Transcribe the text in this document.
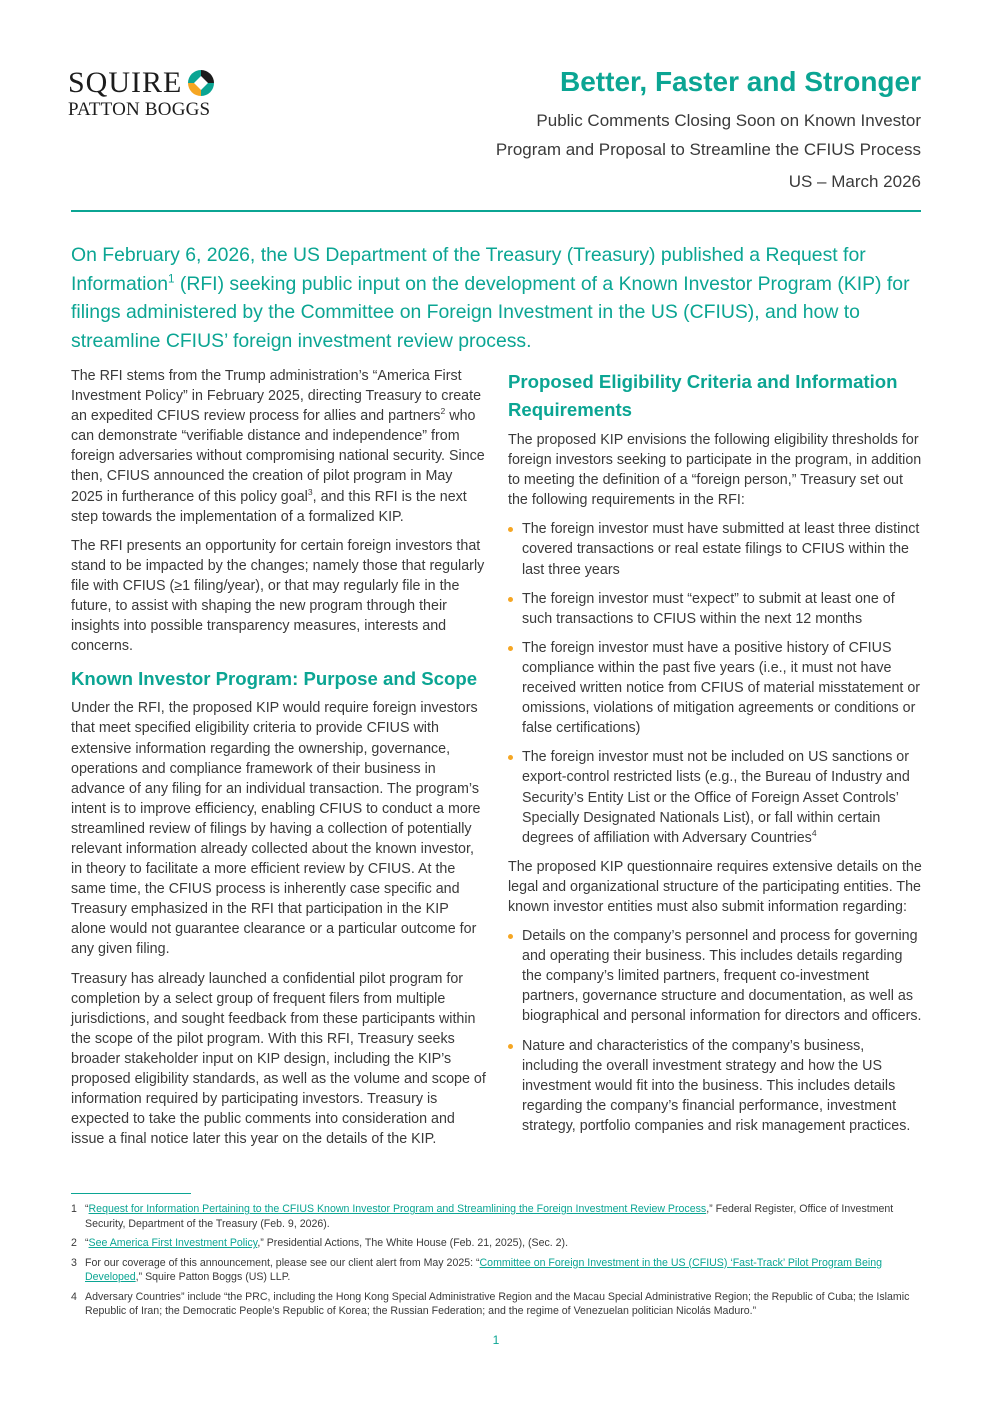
SQUIRE
PATTON BOGGS
Better, Faster and Stronger
Public Comments Closing Soon on Known Investor
Program and Proposal to Streamline the CFIUS Process
US – March 2026
On February 6, 2026, the US Department of the Treasury (Treasury) published a Request for Information$^1$ (RFI) seeking public input on the development of a Known Investor Program (KIP) for filings administered by the Committee on Foreign Investment in the US (CFIUS), and how to streamline CFIUS’ foreign investment review process.

The RFI stems from the Trump administration’s “America First Investment Policy” in February 2025, directing Treasury to create an expedited CFIUS review process for allies and partners$^2$ who can demonstrate “verifiable distance and independence” from foreign adversaries without compromising national security. Since then, CFIUS announced the creation of pilot program in May 2025 in furtherance of this policy goal$^3$, and this RFI is the next step towards the implementation of a formalized KIP.

The RFI presents an opportunity for certain foreign investors that stand to be impacted by the changes; namely those that regularly file with CFIUS (≥1 filing/year), or that may regularly file in the future, to assist with shaping the new program through their insights into possible transparency measures, interests and concerns.

Known Investor Program: Purpose and Scope

Under the RFI, the proposed KIP would require foreign investors that meet specified eligibility criteria to provide CFIUS with extensive information regarding the ownership, governance, operations and compliance framework of their business in advance of any filing for an individual transaction. The program’s intent is to improve efficiency, enabling CFIUS to conduct a more streamlined review of filings by having a collection of potentially relevant information already collected about the known investor, in theory to facilitate a more efficient review by CFIUS. At the same time, the CFIUS process is inherently case specific and Treasury emphasized in the RFI that participation in the KIP alone would not guarantee clearance or a particular outcome for any given filing.

Treasury has already launched a confidential pilot program for completion by a select group of frequent filers from multiple jurisdictions, and sought feedback from these participants within the scope of the pilot program. With this RFI, Treasury seeks broader stakeholder input on KIP design, including the KIP’s proposed eligibility standards, as well as the volume and scope of information required by participating investors. Treasury is expected to take the public comments into consideration and issue a final notice later this year on the details of the KIP.

Proposed Eligibility Criteria and Information Requirements

The proposed KIP envisions the following eligibility thresholds for foreign investors seeking to participate in the program, in addition to meeting the definition of a “foreign person,” Treasury set out the following requirements in the RFI:

The foreign investor must have submitted at least three distinct covered transactions or real estate filings to CFIUS within the last three years
The foreign investor must “expect” to submit at least one of such transactions to CFIUS within the next 12 months
The foreign investor must have a positive history of CFIUS compliance within the past five years (i.e., it must not have received written notice from CFIUS of material misstatement or omissions, violations of mitigation agreements or conditions or false certifications)
The foreign investor must not be included on US sanctions or export-control restricted lists (e.g., the Bureau of Industry and Security’s Entity List or the Office of Foreign Asset Controls’ Specially Designated Nationals List), or fall within certain degrees of affiliation with Adversary Countries$^4$

The proposed KIP questionnaire requires extensive details on the legal and organizational structure of the participating entities. The known investor entities must also submit information regarding:

Details on the company’s personnel and process for governing and operating their business. This includes details regarding the company’s limited partners, frequent co-investment partners, governance structure and documentation, as well as biographical and personal information for directors and officers.
Nature and characteristics of the company’s business, including the overall investment strategy and how the US investment would fit into the business. This includes details regarding the company’s financial performance, investment strategy, portfolio companies and risk management practices.
1 “Request for Information Pertaining to the CFIUS Known Investor Program and Streamlining the Foreign Investment Review Process,” Federal Register, Office of Investment Security, Department of the Treasury (Feb. 9, 2026).
2 “See America First Investment Policy,” Presidential Actions, The White House (Feb. 21, 2025), (Sec. 2).
3 For our coverage of this announcement, please see our client alert from May 2025: “Committee on Foreign Investment in the US (CFIUS) ‘Fast-Track’ Pilot Program Being Developed,” Squire Patton Boggs (US) LLP.
4 Adversary Countries” include “the PRC, including the Hong Kong Special Administrative Region and the Macau Special Administrative Region; the Republic of Cuba; the Islamic Republic of Iran; the Democratic People’s Republic of Korea; the Russian Federation; and the regime of Venezuelan politician Nicolás Maduro.”
1
